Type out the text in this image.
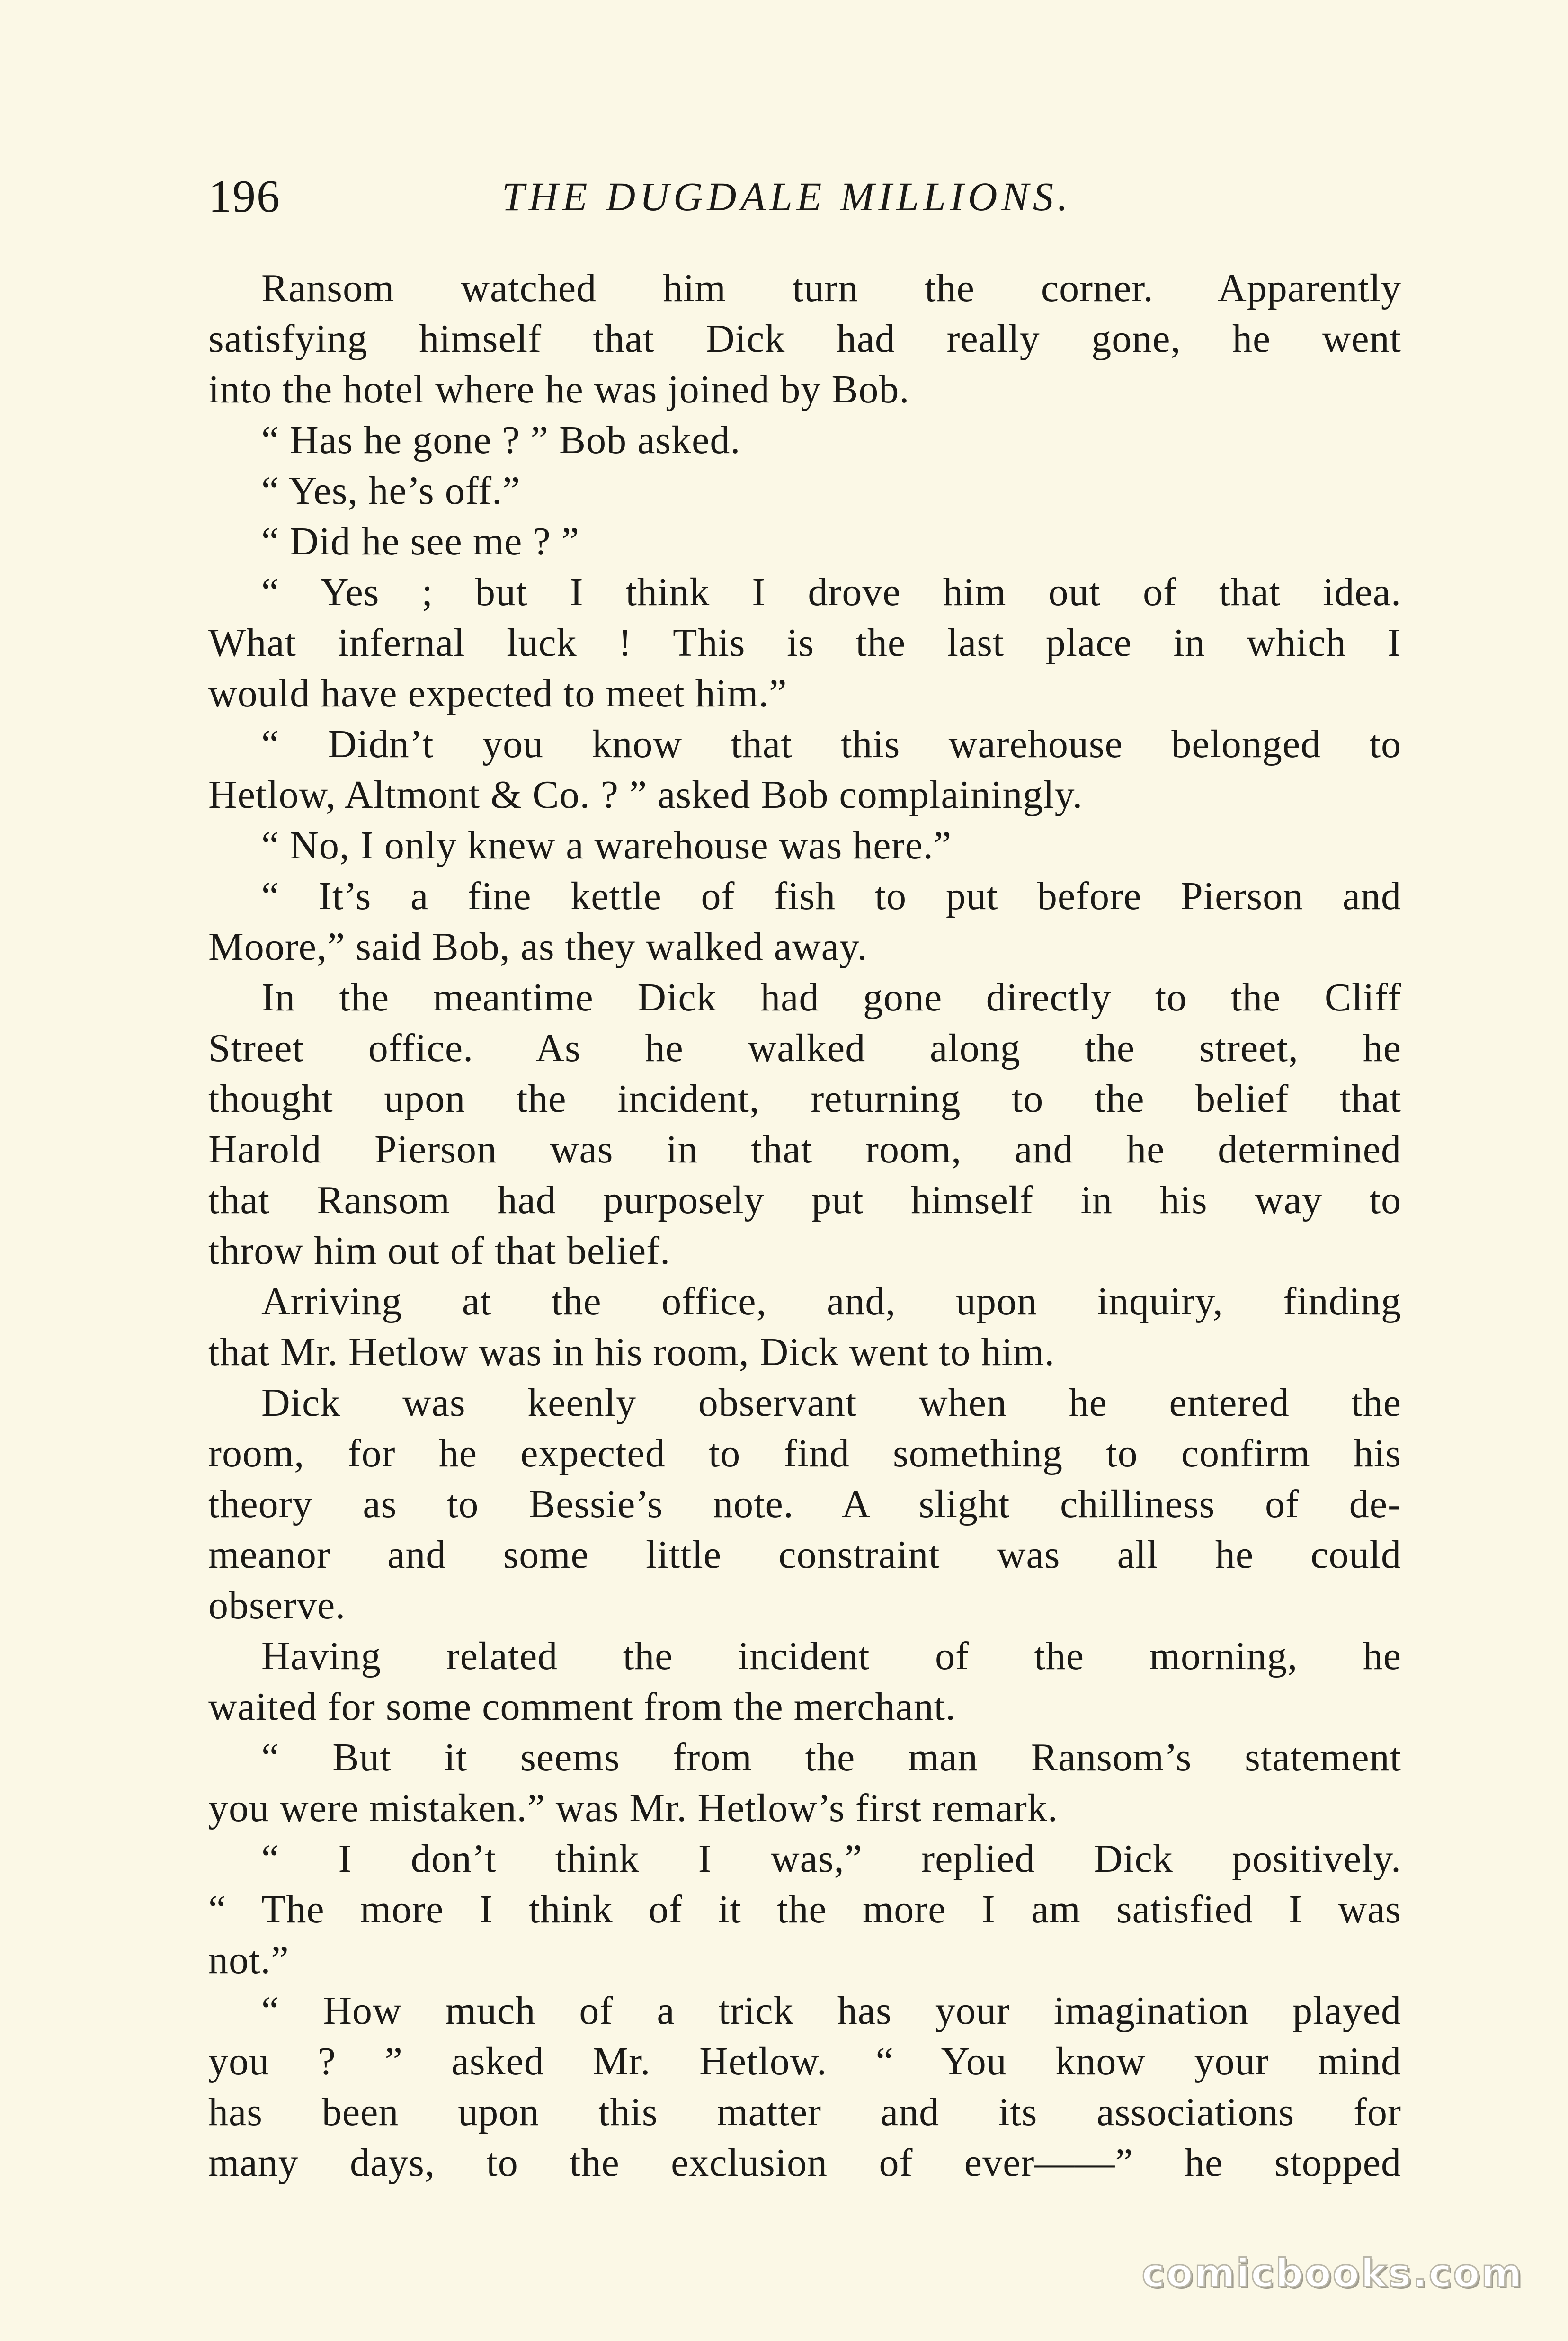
196	THE DUGDALE MILLIONS.
Ransom watched him turn the corner. Apparently
satisfying himself that Dick had really gone, he went
into the hotel where he was joined by Bob.
“ Has he gone ? ” Bob asked.
“ Yes, he’s off.”
“ Did he see me ? ”
“ Yes ; but I think I drove him out of that idea.
What infernal luck ! This is the last place in which I
would have expected to meet him.”
“ Didn’t you know that this warehouse belonged to
Hetlow, Altmont & Co. ? ” asked Bob complainingly.
“ No, I only knew a warehouse was here.”
“ It’s a fine kettle of fish to put before Pierson and
Moore,” said Bob, as they walked away.
In the meantime Dick had gone directly to the Cliff
Street office. As he walked along the street, he
thought upon the incident, returning to the belief that
Harold Pierson was in that room, and he determined
that Ransom had purposely put himself in his way to
throw him out of that belief.
Arriving at the office, and, upon inquiry, finding
that Mr. Hetlow was in his room, Dick went to him.
Dick was keenly observant when he entered the
room, for he expected to find something to confirm his
theory as to Bessie’s note. A slight chilliness of de-
meanor and some little constraint was all he could
observe.
Having related the incident of the morning, he
waited for some comment from the merchant.
“ But it seems from the man Ransom’s statement
you were mistaken.” was Mr. Hetlow’s first remark.
“ I don’t think I was,” replied Dick positively.
“ The more I think of it the more I am satisfied I was
not.”
“ How much of a trick has your imagination played
you ? ” asked Mr. Hetlow. “ You know your mind
has been upon this matter and its associations for
many days, to the exclusion of ever——” he stopped
comicbooks.com
